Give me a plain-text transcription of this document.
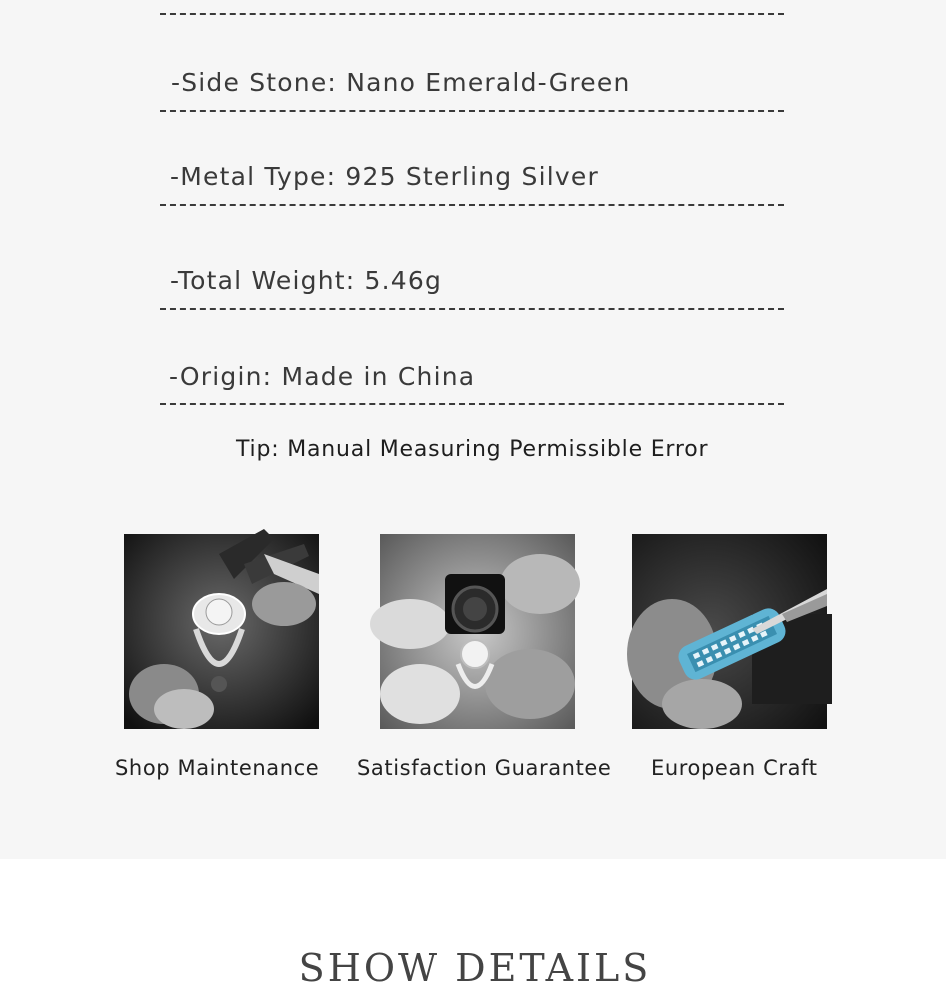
-Side Stone: Nano Emerald-Green
-Metal Type: 925 Sterling Silver
-Total Weight: 5.46g
-Origin: Made in China
Tip: Manual Measuring Permissible Error
Shop Maintenance Satisfaction Guarantee European Craft
SHOW DETAILS
